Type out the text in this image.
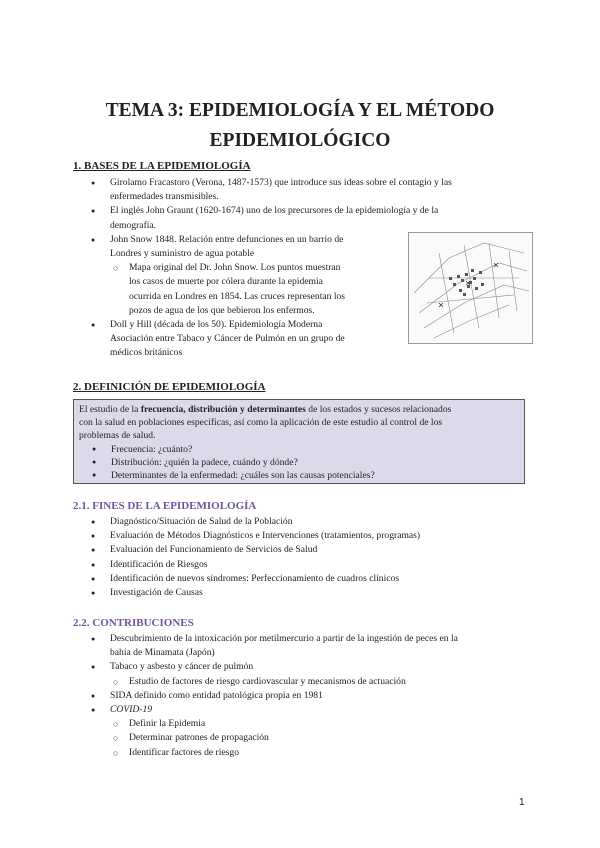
TEMA 3: EPIDEMIOLOGÍA Y EL MÉTODO
EPIDEMIOLÓGICO
1. BASES DE LA EPIDEMIOLOGÍA
● Girolamo Fracastoro (Verona, 1487-1573) que introduce sus ideas sobre el contagio y las
enfermedades transmisibles.
● El inglés John Graunt (1620-1674) uno de los precursores de la epidemiología y de la
demografía.
● John Snow 1848. Relación entre defunciones en un barrio de
Londres y suministro de agua potable
○ Mapa original del Dr. John Snow. Los puntos muestran
los casos de muerte por cólera durante la epidemia
ocurrida en Londres en 1854. Las cruces representan los
pozos de agua de los que bebieron los enfermos.
● Doll y Hill (década de los 50). Epidemiología Moderna
Asociación entre Tabaco y Cáncer de Pulmón en un grupo de
médicos británicos
2. DEFINICIÓN DE EPIDEMIOLOGÍA

El estudio de la frecuencia, distribución y determinantes de los estados y sucesos relacionados
con la salud en poblaciones específicas, así como la aplicación de este estudio al control de los
problemas de salud.

● Frecuencia: ¿cuánto?
● Distribución: ¿quién la padece, cuándo y dónde?
● Determinantes de la enfermedad: ¿cuáles son las causas potenciales?
2.1. FINES DE LA EPIDEMIOLOGÍA
● Diagnóstico/Situación de Salud de la Población
● Evaluación de Métodos Diagnósticos e Intervenciones (tratamientos, programas)
● Evaluación del Funcionamiento de Servicios de Salud
● Identificación de Riesgos
● Identificación de nuevos síndromes: Perfeccionamiento de cuadros clínicos
● Investigación de Causas
2.2. CONTRIBUCIONES
● Descubrimiento de la intoxicación por metilmercurio a partir de la ingestión de peces en la
bahía de Minamata (Japón)
● Tabaco y asbesto y cáncer de pulmón
○ Estudio de factores de riesgo cardiovascular y mecanismos de actuación
● SIDA definido como entidad patológica propia en 1981
● COVID-19
○ Definir la Epidemia
○ Determinar patrones de propagación
○ Identificar factores de riesgo
1
